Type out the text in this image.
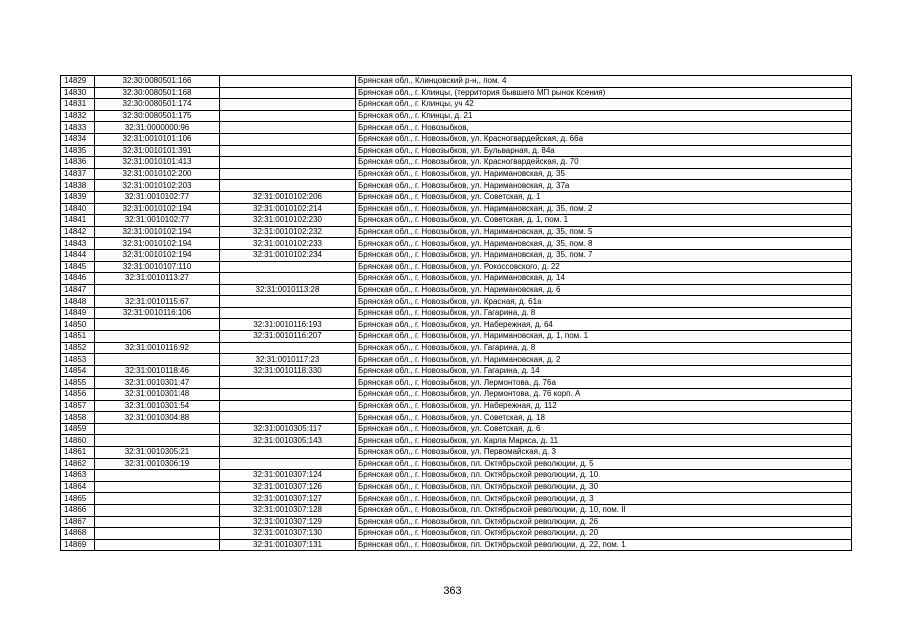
14829	32:30:0080501:166		Брянская обл., Клинцовский р-н,, пом. 4
14830	32:30:0080501:168		Брянская обл., г. Клинцы, (территория бывшего МП рынок Ксения)
14831	32:30:0080501:174		Брянская обл., г. Клинцы, уч 42
14832	32:30:0080501:175		Брянская обл., г. Клинцы, д. 21
14833	32:31:0000000:96		Брянская обл., г. Новозыбков,
14834	32:31:0010101:106		Брянская обл., г. Новозыбков, ул. Красногвардейская, д. 66а
14835	32:31:0010101:391		Брянская обл., г. Новозыбков, ул. Бульварная, д. 84а
14836	32:31:0010101:413		Брянская обл., г. Новозыбков, ул. Красногвардейская, д. 70
14837	32:31:0010102:200		Брянская обл., г. Новозыбков, ул. Наримановская, д. 35
14838	32:31:0010102:203		Брянская обл., г. Новозыбков, ул. Наримановская, д. 37а
14839	32:31:0010102:77	32:31:0010102:206	Брянская обл., г. Новозыбков, ул. Советская, д. 1
14840	32:31:0010102:194	32:31:0010102:214	Брянская обл., г. Новозыбков, ул. Наримановская, д. 35, пом. 2
14841	32:31:0010102:77	32:31:0010102:230	Брянская обл., г. Новозыбков, ул. Советская, д. 1, пом. 1
14842	32:31:0010102:194	32:31:0010102:232	Брянская обл., г. Новозыбков, ул. Наримановская, д. 35, пом. 5
14843	32:31:0010102:194	32:31:0010102:233	Брянская обл., г. Новозыбков, ул. Наримановская, д. 35, пом. 8
14844	32:31:0010102:194	32:31:0010102:234	Брянская обл., г. Новозыбков, ул. Наримановская, д. 35, пом. 7
14845	32:31:0010107:110		Брянская обл., г. Новозыбков, ул. Рокоссовского, д. 22
14846	32:31:0010113:27		Брянская обл., г. Новозыбков, ул. Наримановская, д. 14
14847		32:31:0010113:28	Брянская обл., г. Новозыбков, ул. Наримановская, д. 6
14848	32:31:0010115:67		Брянская обл., г. Новозыбков, ул. Красная, д. 61а
14849	32:31:0010116:106		Брянская обл., г. Новозыбков, ул. Гагарина, д. 8
14850		32:31:0010116:193	Брянская обл., г. Новозыбков, ул. Набережная, д. 64
14851		32:31:0010116:207	Брянская обл., г. Новозыбков, ул. Наримановская, д. 1, пом. 1
14852	32:31:0010116:92		Брянская обл., г. Новозыбков, ул. Гагарина, д. 8
14853		32:31:0010117:23	Брянская обл., г. Новозыбков, ул. Наримановская, д. 2
14854	32:31:0010118:46	32:31:0010118:330	Брянская обл., г. Новозыбков, ул. Гагарина, д. 14
14855	32:31:0010301:47		Брянская обл., г. Новозыбков, ул. Лермонтова, д. 76а
14856	32:31:0010301:48		Брянская обл., г. Новозыбков, ул. Лермонтова, д. 76 корп. А
14857	32:31:0010301:54		Брянская обл., г. Новозыбков, ул. Набережная, д. 112
14858	32:31:0010304:88		Брянская обл., г. Новозыбков, ул. Советская, д. 18
14859		32:31:0010305:117	Брянская обл., г. Новозыбков, ул. Советская, д. 6
14860		32:31:0010305:143	Брянская обл., г. Новозыбков, ул. Карла Маркса, д. 11
14861	32:31:0010305:21		Брянская обл., г. Новозыбков, ул. Первомайская, д. 3
14862	32:31:0010306:19		Брянская обл., г. Новозыбков, пл. Октябрьской революции, д. 5
14863		32:31:0010307:124	Брянская обл., г. Новозыбков, пл. Октябрьской революции, д. 10
14864		32:31:0010307:126	Брянская обл., г. Новозыбков, пл. Октябрьской революции, д. 30
14865		32:31:0010307:127	Брянская обл., г. Новозыбков, пл. Октябрьской революции, д. 3
14866		32:31:0010307:128	Брянская обл., г. Новозыбков, пл. Октябрьской революции, д. 10, пом. II
14867		32:31:0010307:129	Брянская обл., г. Новозыбков, пл. Октябрьской революции, д. 26
14868		32:31:0010307:130	Брянская обл., г. Новозыбков, пл. Октябрьской революции, д. 20
14869		32:31:0010307:131	Брянская обл., г. Новозыбков, пл. Октябрьской революции, д. 22, пом. 1
363
